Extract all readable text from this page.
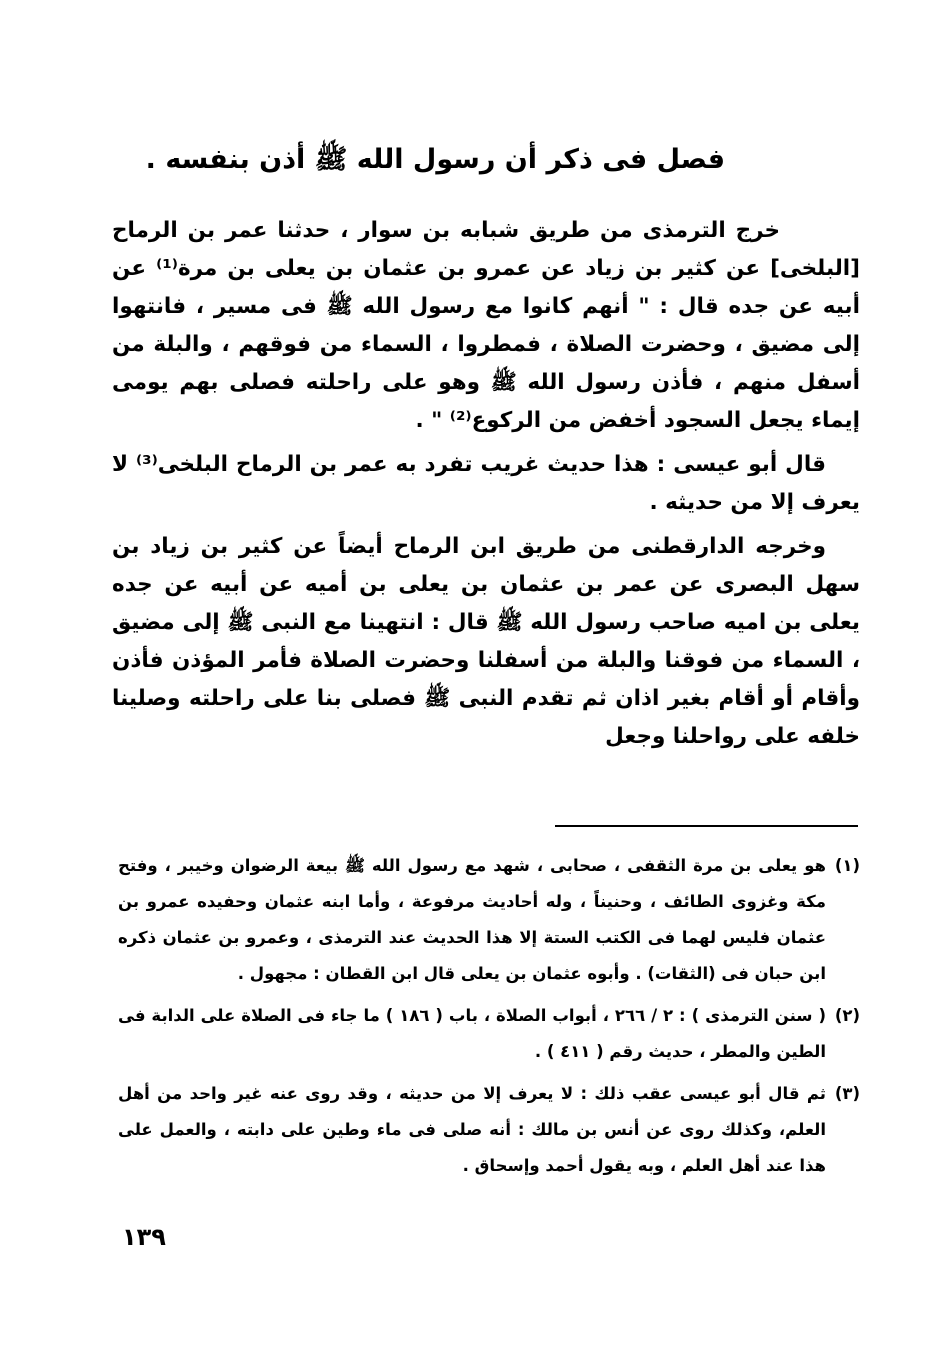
فصل فى ذكر أن رسول الله ﷺ أذن بنفسه .

خرج الترمذى من طريق شبابه بن سوار ، حدثنا عمر بن الرماح [البلخى] عن كثير بن زياد عن عمرو بن عثمان بن يعلى بن مرة⁽¹⁾ عن أبيه عن جده قال : " أنهم كانوا مع رسول الله ﷺ فى مسير ، فانتهوا إلى مضيق ، وحضرت الصلاة ، فمطروا ، السماء من فوقهم ، والبلة من أسفل منهم ، فأذن رسول الله ﷺ وهو على راحلته فصلى بهم يومى إيماء يجعل السجود أخفض من الركوع⁽²⁾ " .

قال أبو عيسى : هذا حديث غريب تفرد به عمر بن الرماح البلخى⁽³⁾ لا يعرف إلا من حديثه .

وخرجه الدارقطنى من طريق ابن الرماح أيضاً عن كثير بن زياد بن سهل البصرى عن عمر بن عثمان بن يعلى بن أميه عن أبيه عن جده يعلى بن اميه صاحب رسول الله ﷺ قال : انتهينا مع النبى ﷺ إلى مضيق ، السماء من فوقنا والبلة من أسفلنا وحضرت الصلاة فأمر المؤذن فأذن وأقام أو أقام بغير اذان ثم تقدم النبى ﷺ فصلى بنا على راحلته وصلينا خلفه على رواحلنا وجعل

(١)
هو يعلى بن مرة الثقفى ، صحابى ، شهد مع رسول الله ﷺ بيعة الرضوان وخيبر ، وفتح مكة وغزوى الطائف ، وحنيناً ، وله أحاديث مرفوعة ، وأما ابنه عثمان وحفيده عمرو بن عثمان فليس لهما فى الكتب الستة إلا هذا الحديث عند الترمذى ، وعمرو بن عثمان ذكره ابن حبان فى (الثقات) . وأبوه عثمان بن يعلى قال ابن القطان : مجهول .
(٢)
( سنن الترمذى ) : ٢ / ٢٦٦ ، أبواب الصلاة ، باب ( ١٨٦ ) ما جاء فى الصلاة على الدابة فى الطين والمطر ، حديث رقم ( ٤١١ ) .
(٣)
ثم قال أبو عيسى عقب ذلك : لا يعرف إلا من حديثه ، وقد روى عنه غير واحد من أهل العلم، وكذلك روى عن أنس بن مالك : أنه صلى فى ماء وطين على دابته ، والعمل على هذا عند أهل العلم ، وبه يقول أحمد وإسحاق .
١٣٩
